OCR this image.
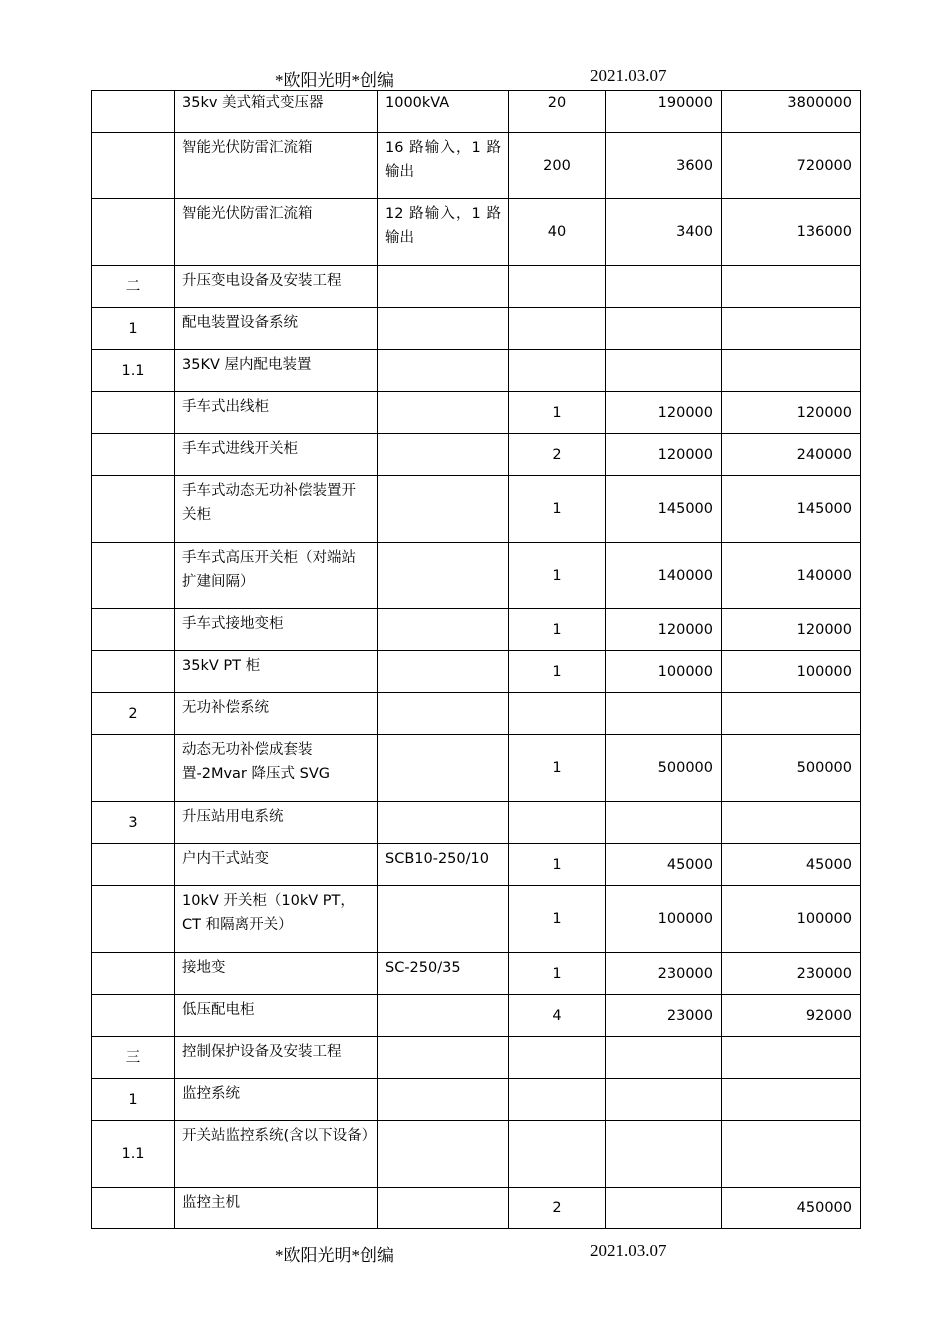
*欧阳光明*创编	2021.03.07
	35kv 美式箱式变压器	1000kVA	20	190000	3800000
	智能光伏防雷汇流箱	16 路输入，1 路输出	200	3600	720000
	智能光伏防雷汇流箱	12 路输入，1 路输出	40	3400	136000
二	升压变电设备及安装工程				
1	配电装置设备系统				
1.1	35KV 屋内配电装置				
	手车式出线柜		1	120000	120000
	手车式进线开关柜		2	120000	240000
	手车式动态无功补偿装置开关柜		1	145000	145000
	手车式高压开关柜（对端站扩建间隔）		1	140000	140000
	手车式接地变柜		1	120000	120000
	35kV PT 柜		1	100000	100000
2	无功补偿系统				
	动态无功补偿成套装置-2Mvar 降压式 SVG		1	500000	500000
3	升压站用电系统				
	户内干式站变	SCB10-250/10	1	45000	45000
	10kV 开关柜（10kV PT，CT 和隔离开关）		1	100000	100000
	接地变	SC-250/35	1	230000	230000
	低压配电柜		4	23000	92000
三	控制保护设备及安装工程				
1	监控系统				
1.1	开关站监控系统(含以下设备）				
	监控主机		2		450000
*欧阳光明*创编	2021.03.07
